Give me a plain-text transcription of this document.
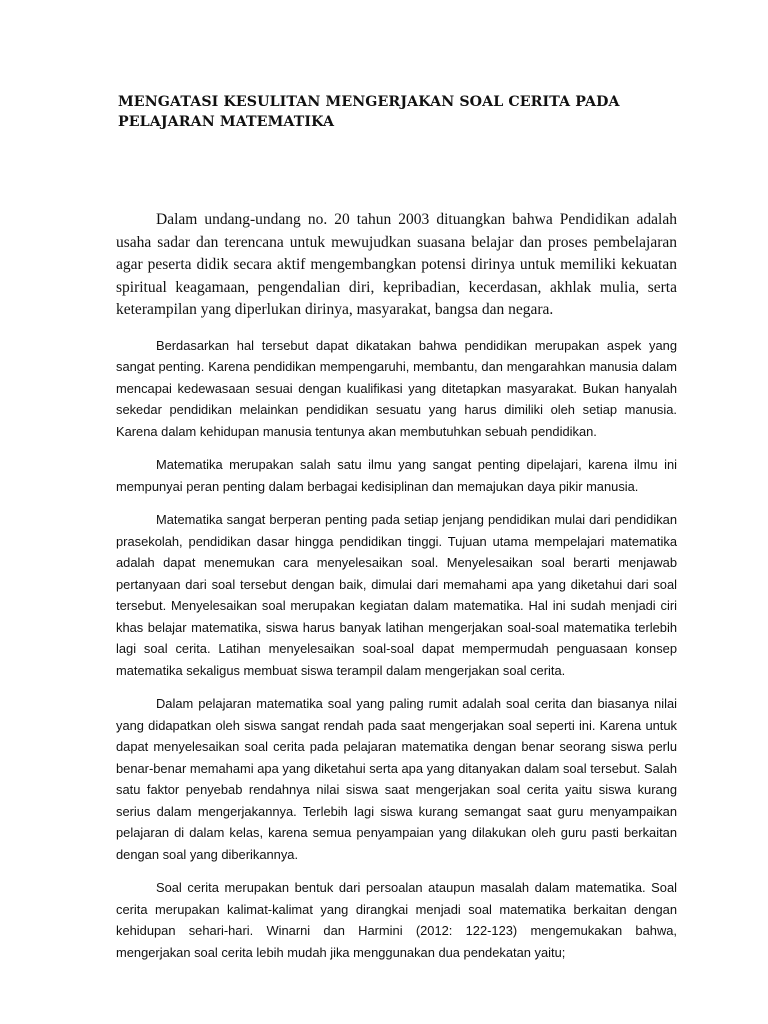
MENGATASI KESULITAN MENGERJAKAN SOAL CERITA PADA PELAJARAN MATEMATIKA

Dalam undang-undang no. 20 tahun 2003 dituangkan bahwa Pendidikan adalah usaha sadar dan terencana untuk mewujudkan suasana belajar dan proses pembelajaran agar peserta didik secara aktif mengembangkan potensi dirinya untuk memiliki kekuatan spiritual keagamaan, pengendalian diri, kepribadian, kecerdasan, akhlak mulia, serta keterampilan yang diperlukan dirinya, masyarakat, bangsa dan negara.

Berdasarkan hal tersebut dapat dikatakan bahwa pendidikan merupakan aspek yang sangat penting. Karena pendidikan mempengaruhi, membantu, dan mengarahkan manusia dalam mencapai kedewasaan sesuai dengan kualifikasi yang ditetapkan masyarakat. Bukan hanyalah sekedar pendidikan melainkan pendidikan sesuatu yang harus dimiliki oleh setiap manusia. Karena dalam kehidupan manusia tentunya akan membutuhkan sebuah pendidikan.

Matematika merupakan salah satu ilmu yang sangat penting dipelajari, karena ilmu ini mempunyai peran penting dalam berbagai kedisiplinan dan memajukan daya pikir manusia.

Matematika sangat berperan penting pada setiap jenjang pendidikan mulai dari pendidikan prasekolah, pendidikan dasar hingga pendidikan tinggi. Tujuan utama mempelajari matematika adalah dapat menemukan cara menyelesaikan soal. Menyelesaikan soal berarti menjawab pertanyaan dari soal tersebut dengan baik, dimulai dari memahami apa yang diketahui dari soal tersebut. Menyelesaikan soal merupakan kegiatan dalam matematika. Hal ini sudah menjadi ciri khas belajar matematika, siswa harus banyak latihan mengerjakan soal-soal matematika terlebih lagi soal cerita. Latihan menyelesaikan soal-soal dapat mempermudah penguasaan konsep matematika sekaligus membuat siswa terampil dalam mengerjakan soal cerita.

Dalam pelajaran matematika soal yang paling rumit adalah soal cerita dan biasanya nilai yang didapatkan oleh siswa sangat rendah pada saat mengerjakan soal seperti ini. Karena untuk dapat menyelesaikan soal cerita pada pelajaran matematika dengan benar seorang siswa perlu benar-benar memahami apa yang diketahui serta apa yang ditanyakan dalam soal tersebut. Salah satu faktor penyebab rendahnya nilai siswa saat mengerjakan soal cerita yaitu siswa kurang serius dalam mengerjakannya. Terlebih lagi siswa kurang semangat saat guru menyampaikan pelajaran di dalam kelas, karena semua penyampaian yang dilakukan oleh guru pasti berkaitan dengan soal yang diberikannya.

Soal cerita merupakan bentuk dari persoalan ataupun masalah dalam matematika. Soal cerita merupakan kalimat-kalimat yang dirangkai menjadi soal matematika berkaitan dengan kehidupan sehari-hari. Winarni dan Harmini (2012: 122-123) mengemukakan bahwa, mengerjakan soal cerita lebih mudah jika menggunakan dua pendekatan yaitu;
